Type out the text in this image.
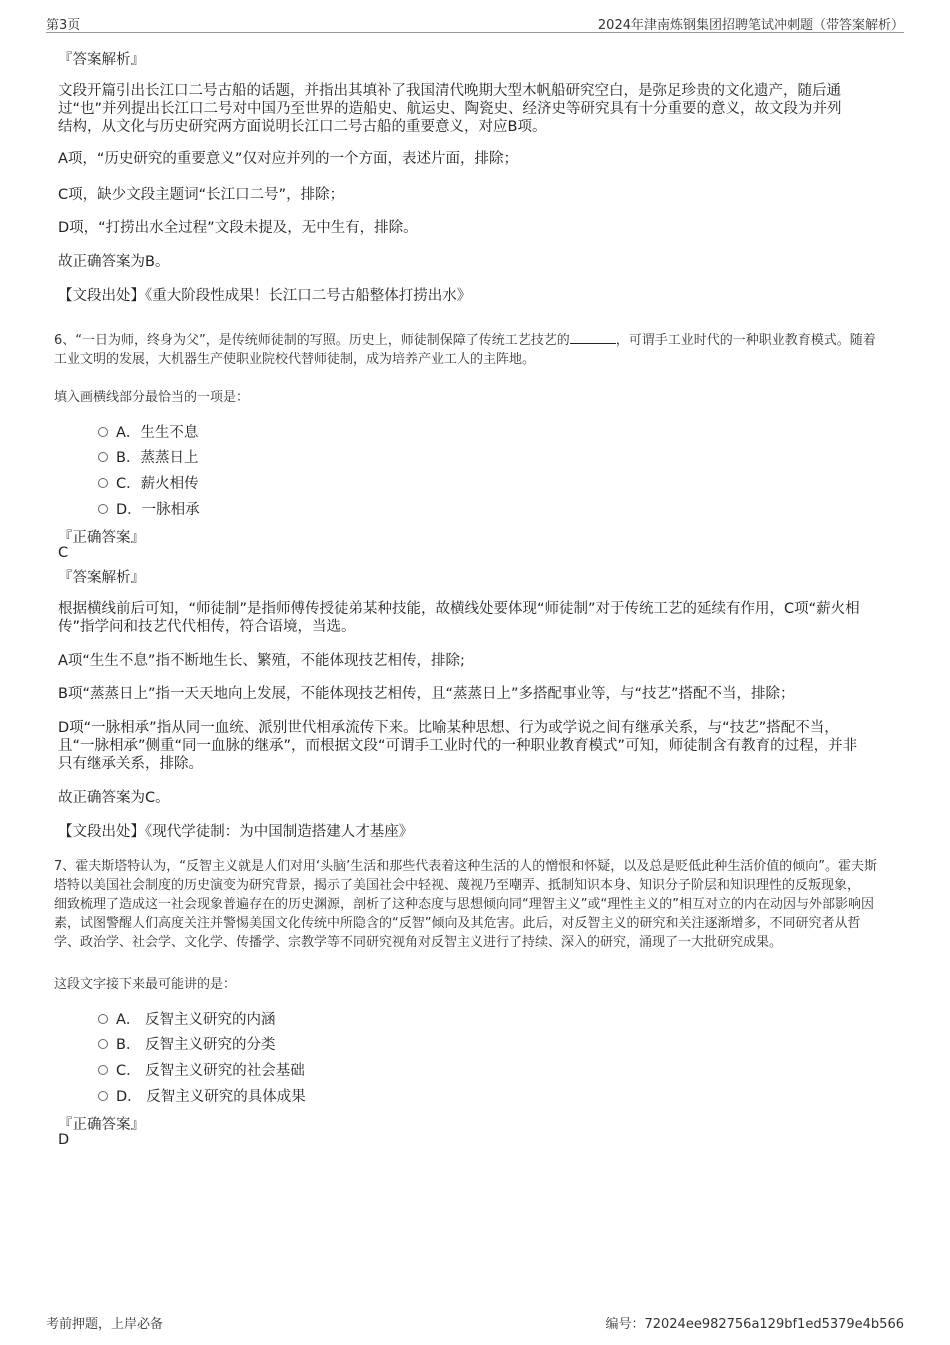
第3页	2024年津南炼钢集团招聘笔试冲刺题（带答案解析）
『答案解析』
文段开篇引出长江口二号古船的话题，并指出其填补了我国清代晚期大型木帆船研究空白，是弥足珍贵的文化遗产，随后通
过“也”并列提出长江口二号对中国乃至世界的造船史、航运史、陶瓷史、经济史等研究具有十分重要的意义，故文段为并列
结构，从文化与历史研究两方面说明长江口二号古船的重要意义，对应B项。
A项，“历史研究的重要意义”仅对应并列的一个方面，表述片面，排除；
C项，缺少文段主题词“长江口二号”，排除；
D项，“打捞出水全过程”文段未提及，无中生有，排除。
故正确答案为B。
【文段出处】《重大阶段性成果！长江口二号古船整体打捞出水》
6、“一日为师，终身为父”，是传统师徒制的写照。历史上，师徒制保障了传统工艺技艺的	，可谓手工业时代的一种职业教育模式。随着
工业文明的发展，大机器生产使职业院校代替师徒制，成为培养产业工人的主阵地。
填入画横线部分最恰当的一项是：
A．生生不息
B．蒸蒸日上
C．薪火相传
D．一脉相承
『正确答案』
C
『答案解析』
根据横线前后可知，“师徒制”是指师傅传授徒弟某种技能，故横线处要体现“师徒制”对于传统工艺的延续有作用，C项“薪火相
传”指学问和技艺代代相传，符合语境，当选。
A项“生生不息”指不断地生长、繁殖，不能体现技艺相传，排除;
B项“蒸蒸日上”指一天天地向上发展，不能体现技艺相传，且“蒸蒸日上”多搭配事业等，与“技艺”搭配不当，排除；
D项“一脉相承”指从同一血统、派别世代相承流传下来。比喻某种思想、行为或学说之间有继承关系，与“技艺”搭配不当，
且“一脉相承”侧重“同一血脉的继承”，而根据文段“可谓手工业时代的一种职业教育模式”可知，师徒制含有教育的过程，并非
只有继承关系，排除。
故正确答案为C。
【文段出处】《现代学徒制：为中国制造搭建人才基座》
7、霍夫斯塔特认为，“反智主义就是人们对用‘头脑’生活和那些代表着这种生活的人的憎恨和怀疑，以及总是贬低此种生活价值的倾向”。霍夫斯
塔特以美国社会制度的历史演变为研究背景，揭示了美国社会中轻视、蔑视乃至嘲弄、抵制知识本身、知识分子阶层和知识理性的反叛现象，
细致梳理了造成这一社会现象普遍存在的历史渊源，剖析了这种态度与思想倾向同“理智主义”或“理性主义的”相互对立的内在动因与外部影响因
素，试图警醒人们高度关注并警惕美国文化传统中所隐含的“反智”倾向及其危害。此后，对反智主义的研究和关注逐渐增多，不同研究者从哲
学、政治学、社会学、文化学、传播学、宗教学等不同研究视角对反智主义进行了持续、深入的研究，涌现了一大批研究成果。
这段文字接下来最可能讲的是：
A． 反智主义研究的内涵
B． 反智主义研究的分类
C． 反智主义研究的社会基础
D． 反智主义研究的具体成果
『正确答案』
D
考前押题，上岸必备	编号：72024ee982756a129bf1ed5379e4b566
